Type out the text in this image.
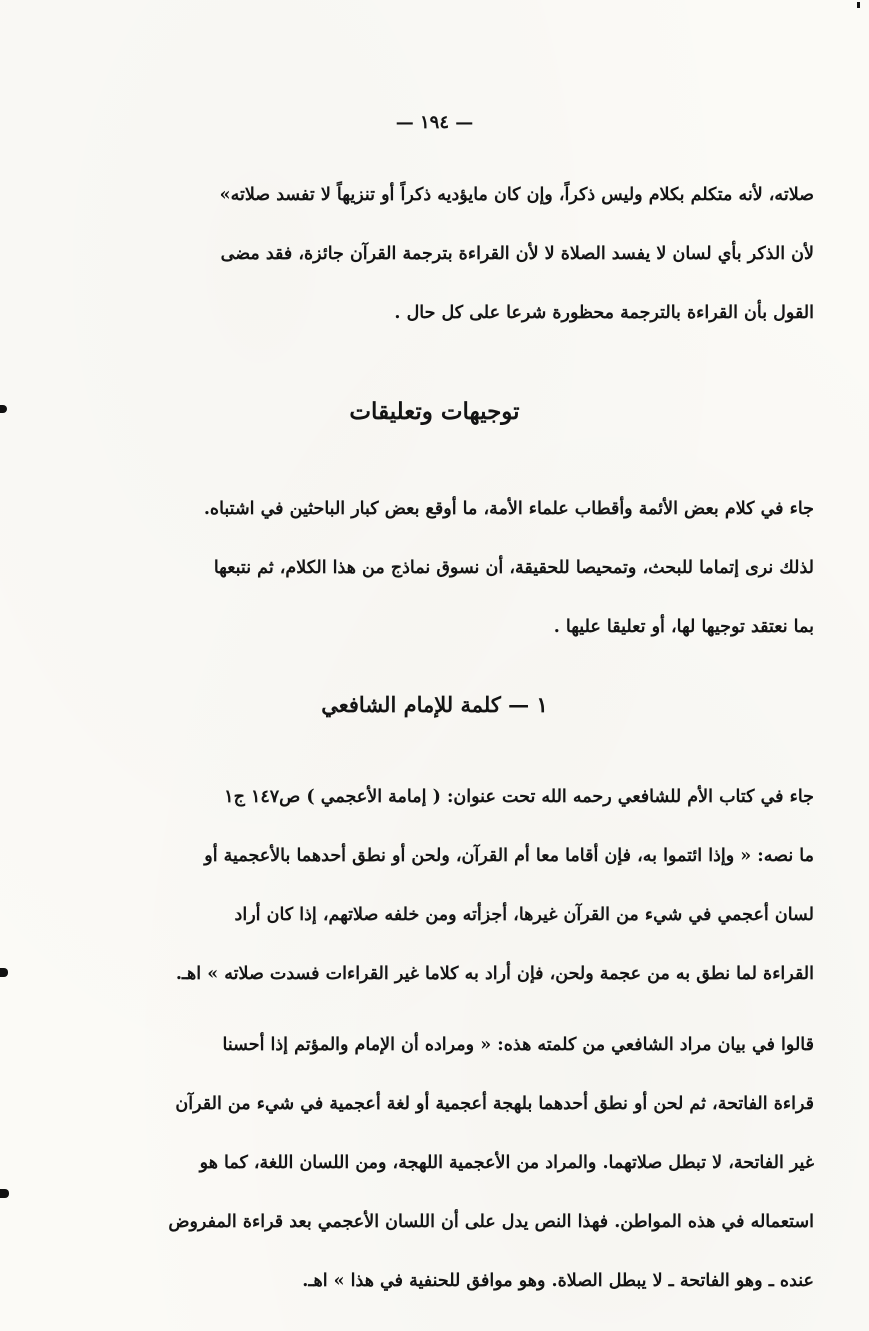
— ١٩٤ —
صلاته، لأنه متكلم بكلام وليس ذكراً، وإن كان مايؤديه ذكراً أو تنزيهاً لا تفسد صلاته»
لأن الذكر بأي لسان لا يفسد الصلاة لا لأن القراءة بترجمة القرآن جائزة، فقد مضى
القول بأن القراءة بالترجمة محظورة شرعا على كل حال .
توجيهات وتعليقات
جاء في كلام بعض الأئمة وأقطاب علماء الأمة، ما أوقع بعض كبار الباحثين في اشتباه.
لذلك نرى إتماما للبحث، وتمحيصا للحقيقة، أن نسوق نماذج من هذا الكلام، ثم نتبعها
بما نعتقد توجيها لها، أو تعليقا عليها .
١ — كلمة للإمام الشافعي
جاء في كتاب الأم للشافعي رحمه الله تحت عنوان: ( إمامة الأعجمي ) ص١٤٧ ج١
ما نصه: « وإذا ائتموا به، فإن أقاما معا أم القرآن، ولحن أو نطق أحدهما بالأعجمية أو
لسان أعجمي في شيء من القرآن غيرها، أجزأته ومن خلفه صلاتهم، إذا كان أراد
القراءة لما نطق به من عجمة ولحن، فإن أراد به كلاما غير القراءات فسدت صلاته » اهـ.
قالوا في بيان مراد الشافعي من كلمته هذه: « ومراده أن الإمام والمؤتم إذا أحسنا
قراءة الفاتحة، ثم لحن أو نطق أحدهما بلهجة أعجمية أو لغة أعجمية في شيء من القرآن
غير الفاتحة، لا تبطل صلاتهما. والمراد من الأعجمية اللهجة، ومن اللسان اللغة، كما هو
استعماله في هذه المواطن. فهذا النص يدل على أن اللسان الأعجمي بعد قراءة المفروض
عنده ـ وهو الفاتحة ـ لا يبطل الصلاة. وهو موافق للحنفية في هذا » اهـ.
